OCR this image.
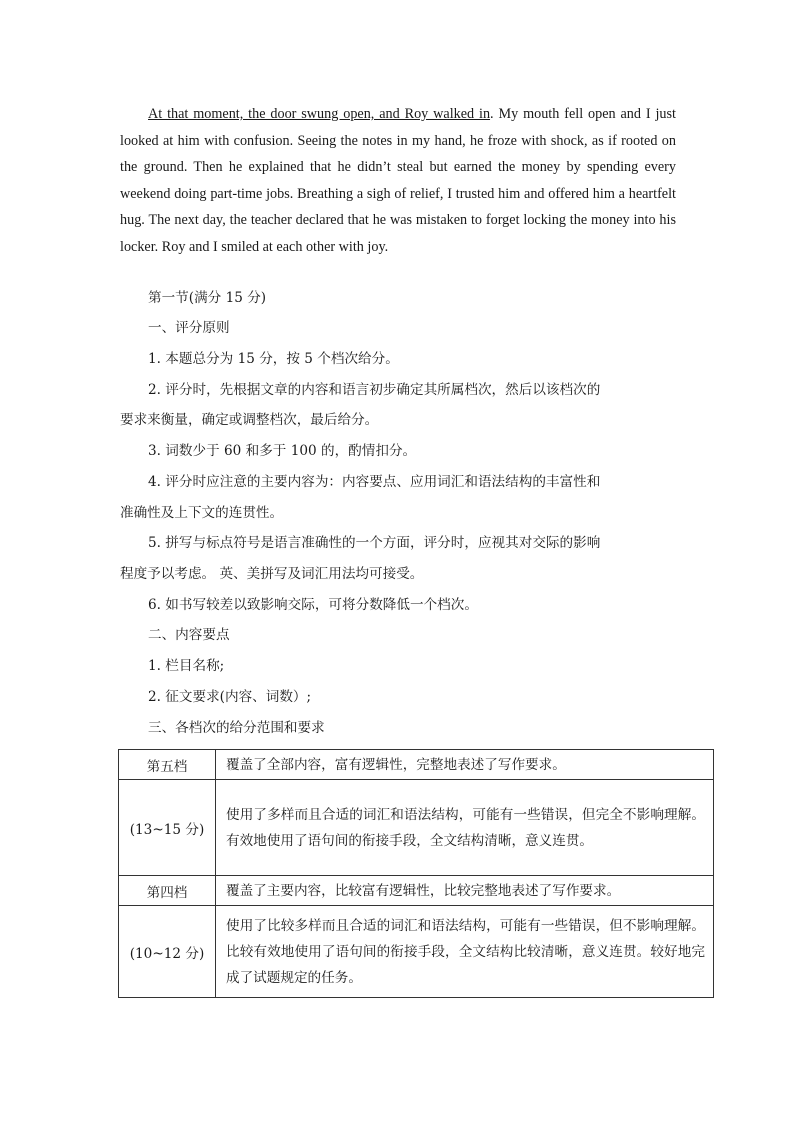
At that moment, the door swung open, and Roy walked in. My mouth fell open and I just looked at him with confusion. Seeing the notes in my hand, he froze with shock, as if rooted on the ground. Then he explained that he didn’t steal but earned the money by spending every weekend doing part-time jobs. Breathing a sigh of relief, I trusted him and offered him a heartfelt hug. The next day, the teacher declared that he was mistaken to forget locking the money into his locker. Roy and I smiled at each other with joy.

第一节(满分 15 分)
一、评分原则
1. 本题总分为 15 分，按 5 个档次给分。
2. 评分时，先根据文章的内容和语言初步确定其所属档次，然后以该档次的
要求来衡量，确定或调整档次，最后给分。
3. 词数少于 60 和多于 100 的，酌情扣分。
4. 评分时应注意的主要内容为：内容要点、应用词汇和语法结构的丰富性和
准确性及上下文的连贯性。
5. 拼写与标点符号是语言准确性的一个方面，评分时，应视其对交际的影响
程度予以考虑。 英、美拼写及词汇用法均可接受。
6. 如书写较差以致影响交际，可将分数降低一个档次。
二、内容要点
1. 栏目名称;
2. 征文要求(内容、词数）;
三、各档次的给分范围和要求
第五档	覆盖了全部内容，富有逻辑性，完整地表述了写作要求。
(13~15 分)	使用了多样而且合适的词汇和语法结构，可能有一些错误，但完全不影响理解。有效地使用了语句间的衔接手段，全文结构清晰，意义连贯。
第四档	覆盖了主要内容，比较富有逻辑性，比较完整地表述了写作要求。
(10~12 分)	使用了比较多样而且合适的词汇和语法结构，可能有一些错误，但不影响理解。比较有效地使用了语句间的衔接手段，全文结构比较清晰，意义连贯。较好地完成了试题规定的任务。
